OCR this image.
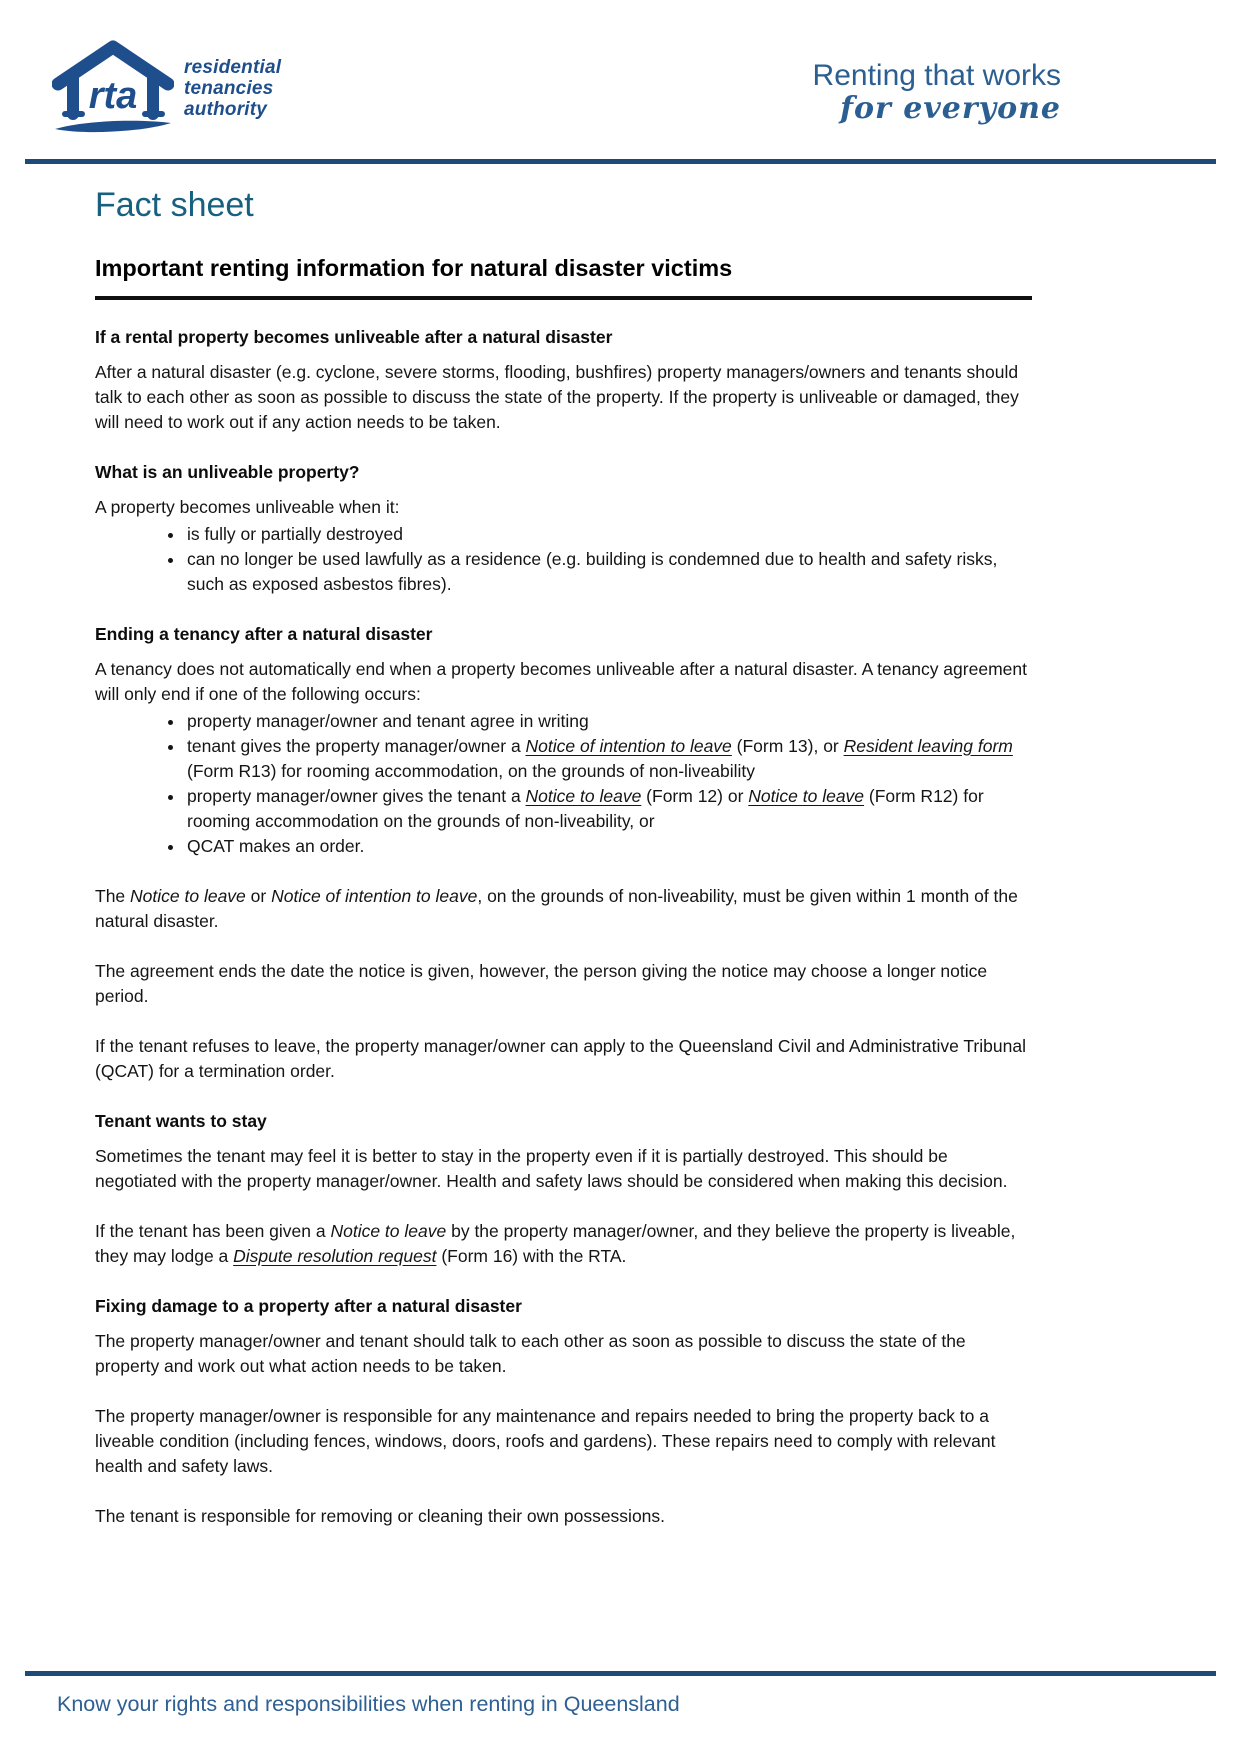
rta
residential
tenancies
authority
Renting that works
for everyone
Fact sheet
Important renting information for natural disaster victims
If a rental property becomes unliveable after a natural disaster

After a natural disaster (e.g. cyclone, severe storms, flooding, bushfires) property managers/owners and tenants should talk to each other as soon as possible to discuss the state of the property. If the property is unliveable or damaged, they will need to work out if any action needs to be taken.

What is an unliveable property?

A property becomes unliveable when it:

• is fully or partially destroyed
• can no longer be used lawfully as a residence (e.g. building is condemned due to health and safety risks, such as exposed asbestos fibres).
Ending a tenancy after a natural disaster

A tenancy does not automatically end when a property becomes unliveable after a natural disaster. A tenancy agreement will only end if one of the following occurs:

• property manager/owner and tenant agree in writing
• tenant gives the property manager/owner a Notice of intention to leave (Form 13), or Resident leaving form (Form R13) for rooming accommodation, on the grounds of non-liveability
• property manager/owner gives the tenant a Notice to leave (Form 12) or Notice to leave (Form R12) for rooming accommodation on the grounds of non-liveability, or
• QCAT makes an order.

The Notice to leave or Notice of intention to leave, on the grounds of non-liveability, must be given within 1 month of the natural disaster.

The agreement ends the date the notice is given, however, the person giving the notice may choose a longer notice period.

If the tenant refuses to leave, the property manager/owner can apply to the Queensland Civil and Administrative Tribunal (QCAT) for a termination order.

Tenant wants to stay

Sometimes the tenant may feel it is better to stay in the property even if it is partially destroyed. This should be negotiated with the property manager/owner. Health and safety laws should be considered when making this decision.

If the tenant has been given a Notice to leave by the property manager/owner, and they believe the property is liveable, they may lodge a Dispute resolution request (Form 16) with the RTA.

Fixing damage to a property after a natural disaster

The property manager/owner and tenant should talk to each other as soon as possible to discuss the state of the property and work out what action needs to be taken.

The property manager/owner is responsible for any maintenance and repairs needed to bring the property back to a liveable condition (including fences, windows, doors, roofs and gardens). These repairs need to comply with relevant health and safety laws.

The tenant is responsible for removing or cleaning their own possessions.

Know your rights and responsibilities when renting in Queensland
